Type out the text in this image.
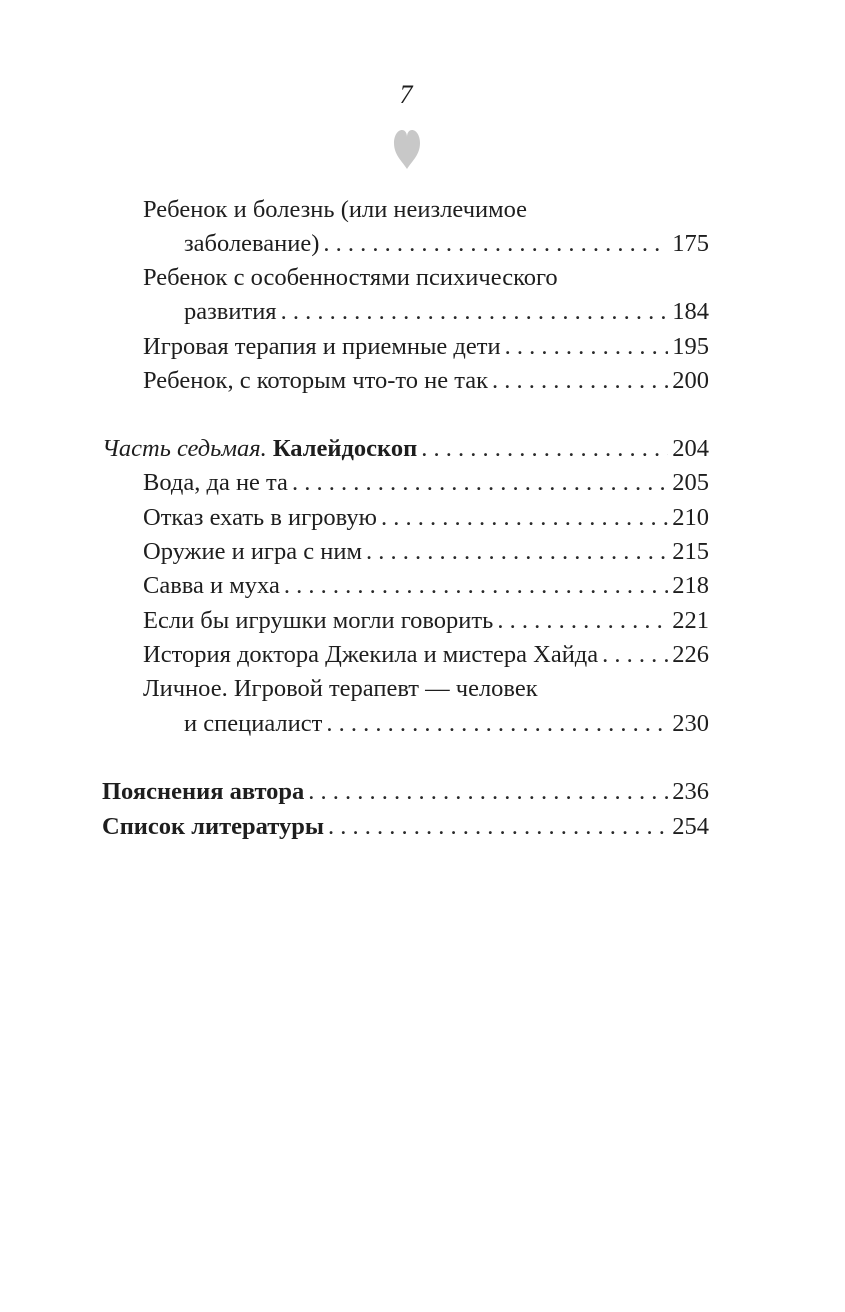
7
Ребенок и болезнь (или неизлечимое
заболевание) . . .	175
Ребенок с особенностями психического
развития . . .	184
Игровая терапия и приемные дети . . .	195
Ребенок, с которым что-то не так . . .	200
Часть седьмая. Калейдоскоп . . .	204
Вода, да не та . . .	205
Отказ ехать в игровую . . .	210
Оружие и игра с ним . . .	215
Савва и муха . . .	218
Если бы игрушки могли говорить . . .	221
История доктора Джекила и мистера Хайда . . .	226
Личное. Игровой терапевт — человек
и специалист . . .	230
Пояснения автора . . .	236
Список литературы . . .	254
